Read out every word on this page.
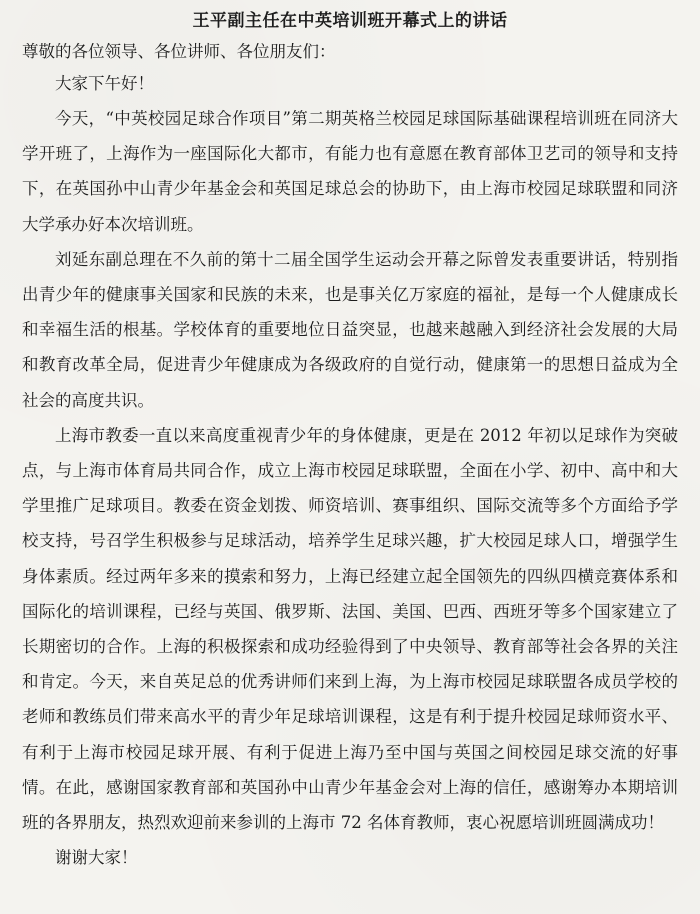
王平副主任在中英培训班开幕式上的讲话

尊敬的各位领导、各位讲师、各位朋友们：

大家下午好！

今天，“中英校园足球合作项目”第二期英格兰校园足球国际基础课程培训班在同济大学开班了，上海作为一座国际化大都市，有能力也有意愿在教育部体卫艺司的领导和支持下，在英国孙中山青少年基金会和英国足球总会的协助下，由上海市校园足球联盟和同济大学承办好本次培训班。

刘延东副总理在不久前的第十二届全国学生运动会开幕之际曾发表重要讲话，特别指出青少年的健康事关国家和民族的未来，也是事关亿万家庭的福祉，是每一个人健康成长和幸福生活的根基。学校体育的重要地位日益突显，也越来越融入到经济社会发展的大局和教育改革全局，促进青少年健康成为各级政府的自觉行动，健康第一的思想日益成为全社会的高度共识。

上海市教委一直以来高度重视青少年的身体健康，更是在 2012 年初以足球作为突破点，与上海市体育局共同合作，成立上海市校园足球联盟，全面在小学、初中、高中和大学里推广足球项目。教委在资金划拨、师资培训、赛事组织、国际交流等多个方面给予学校支持，号召学生积极参与足球活动，培养学生足球兴趣，扩大校园足球人口，增强学生身体素质。经过两年多来的摸索和努力，上海已经建立起全国领先的四纵四横竞赛体系和国际化的培训课程，已经与英国、俄罗斯、法国、美国、巴西、西班牙等多个国家建立了长期密切的合作。上海的积极探索和成功经验得到了中央领导、教育部等社会各界的关注和肯定。今天，来自英足总的优秀讲师们来到上海，为上海市校园足球联盟各成员学校的老师和教练员们带来高水平的青少年足球培训课程，这是有利于提升校园足球师资水平、有利于上海市校园足球开展、有利于促进上海乃至中国与英国之间校园足球交流的好事情。在此，感谢国家教育部和英国孙中山青少年基金会对上海的信任，感谢筹办本期培训班的各界朋友，热烈欢迎前来参训的上海市 72 名体育教师，衷心祝愿培训班圆满成功！

谢谢大家！
